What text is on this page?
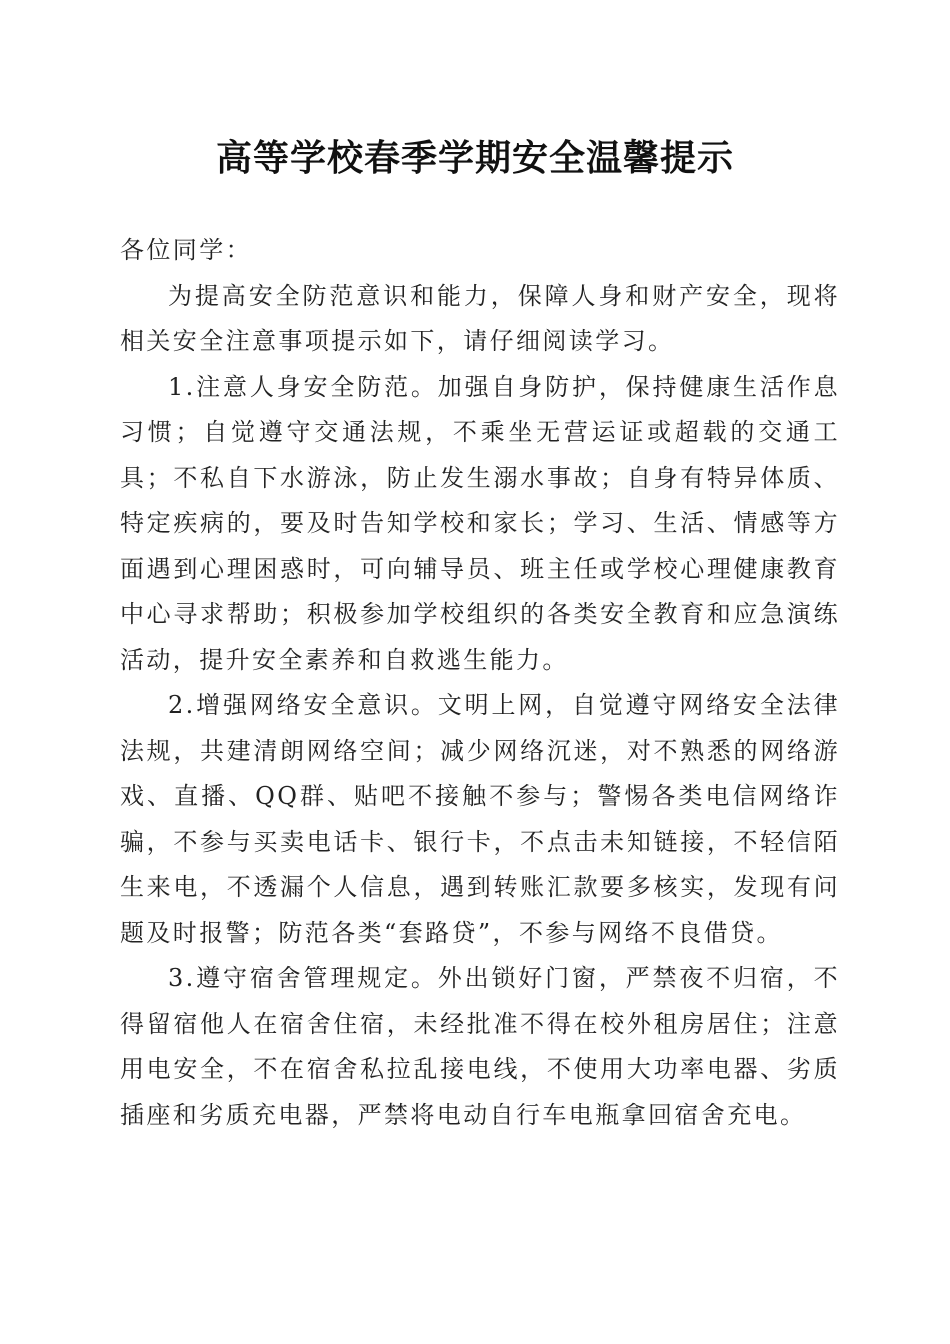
高等学校春季学期安全温馨提示

各位同学：

为提高安全防范意识和能力，保障人身和财产安全，现将相关安全注意事项提示如下，请仔细阅读学习。

1.注意人身安全防范。加强自身防护，保持健康生活作息习惯；自觉遵守交通法规，不乘坐无营运证或超载的交通工具；不私自下水游泳，防止发生溺水事故；自身有特异体质、特定疾病的，要及时告知学校和家长；学习、生活、情感等方面遇到心理困惑时，可向辅导员、班主任或学校心理健康教育中心寻求帮助；积极参加学校组织的各类安全教育和应急演练活动，提升安全素养和自救逃生能力。

2.增强网络安全意识。文明上网，自觉遵守网络安全法律法规，共建清朗网络空间；减少网络沉迷，对不熟悉的网络游戏、直播、QQ群、贴吧不接触不参与；警惕各类电信网络诈骗，不参与买卖电话卡、银行卡，不点击未知链接，不轻信陌生来电，不透漏个人信息，遇到转账汇款要多核实，发现有问题及时报警；防范各类“套路贷”，不参与网络不良借贷。

3.遵守宿舍管理规定。外出锁好门窗，严禁夜不归宿，不得留宿他人在宿舍住宿，未经批准不得在校外租房居住；注意用电安全，不在宿舍私拉乱接电线，不使用大功率电器、劣质插座和劣质充电器，严禁将电动自行车电瓶拿回宿舍充电。
